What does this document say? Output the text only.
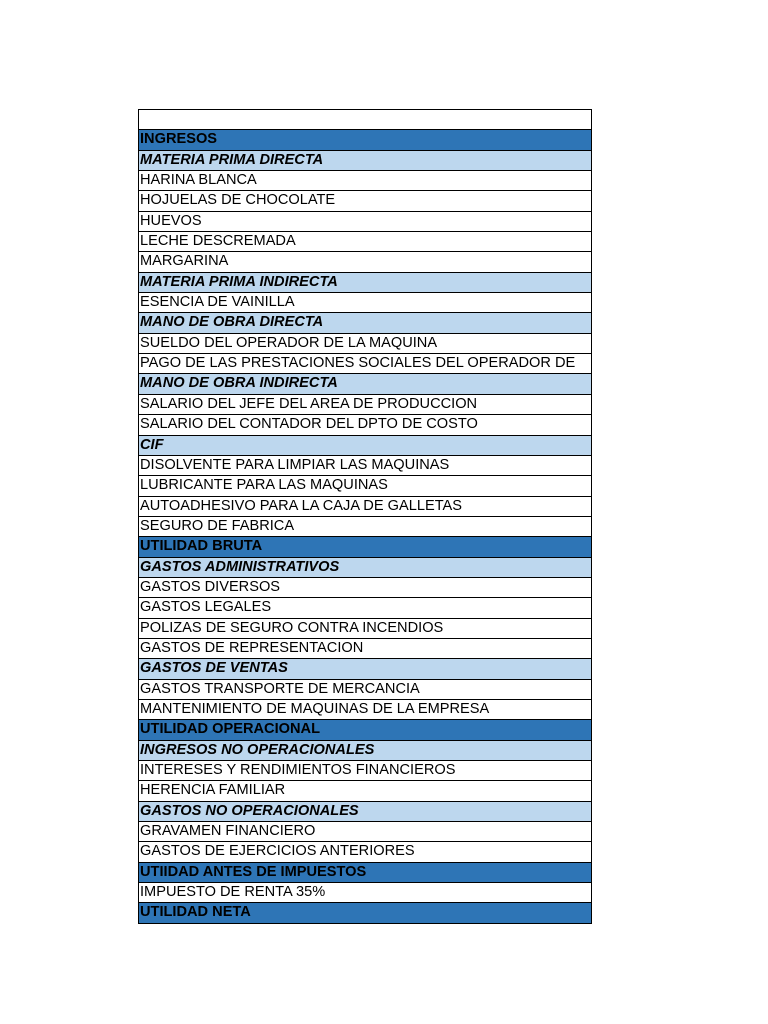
INGRESOS
MATERIA PRIMA DIRECTA
HARINA BLANCA
HOJUELAS DE CHOCOLATE
HUEVOS
LECHE DESCREMADA
MARGARINA
MATERIA PRIMA INDIRECTA
ESENCIA DE VAINILLA
MANO DE OBRA DIRECTA
SUELDO DEL OPERADOR DE LA MAQUINA
PAGO DE LAS PRESTACIONES SOCIALES DEL OPERADOR DE
MANO DE OBRA INDIRECTA
SALARIO DEL JEFE DEL AREA DE PRODUCCION
SALARIO DEL CONTADOR DEL DPTO DE COSTO
CIF
DISOLVENTE PARA LIMPIAR LAS MAQUINAS
LUBRICANTE PARA LAS MAQUINAS
AUTOADHESIVO PARA LA CAJA DE GALLETAS
SEGURO DE FABRICA
UTILIDAD BRUTA
GASTOS ADMINISTRATIVOS
GASTOS DIVERSOS
GASTOS LEGALES
POLIZAS DE SEGURO CONTRA INCENDIOS
GASTOS DE REPRESENTACION
GASTOS DE VENTAS
GASTOS TRANSPORTE DE MERCANCIA
MANTENIMIENTO DE MAQUINAS DE LA EMPRESA
UTILIDAD OPERACIONAL
INGRESOS NO OPERACIONALES
INTERESES Y RENDIMIENTOS FINANCIEROS
HERENCIA FAMILIAR
GASTOS NO OPERACIONALES
GRAVAMEN FINANCIERO
GASTOS DE EJERCICIOS ANTERIORES
UTIIDAD ANTES DE IMPUESTOS
IMPUESTO DE RENTA 35%
UTILIDAD NETA
